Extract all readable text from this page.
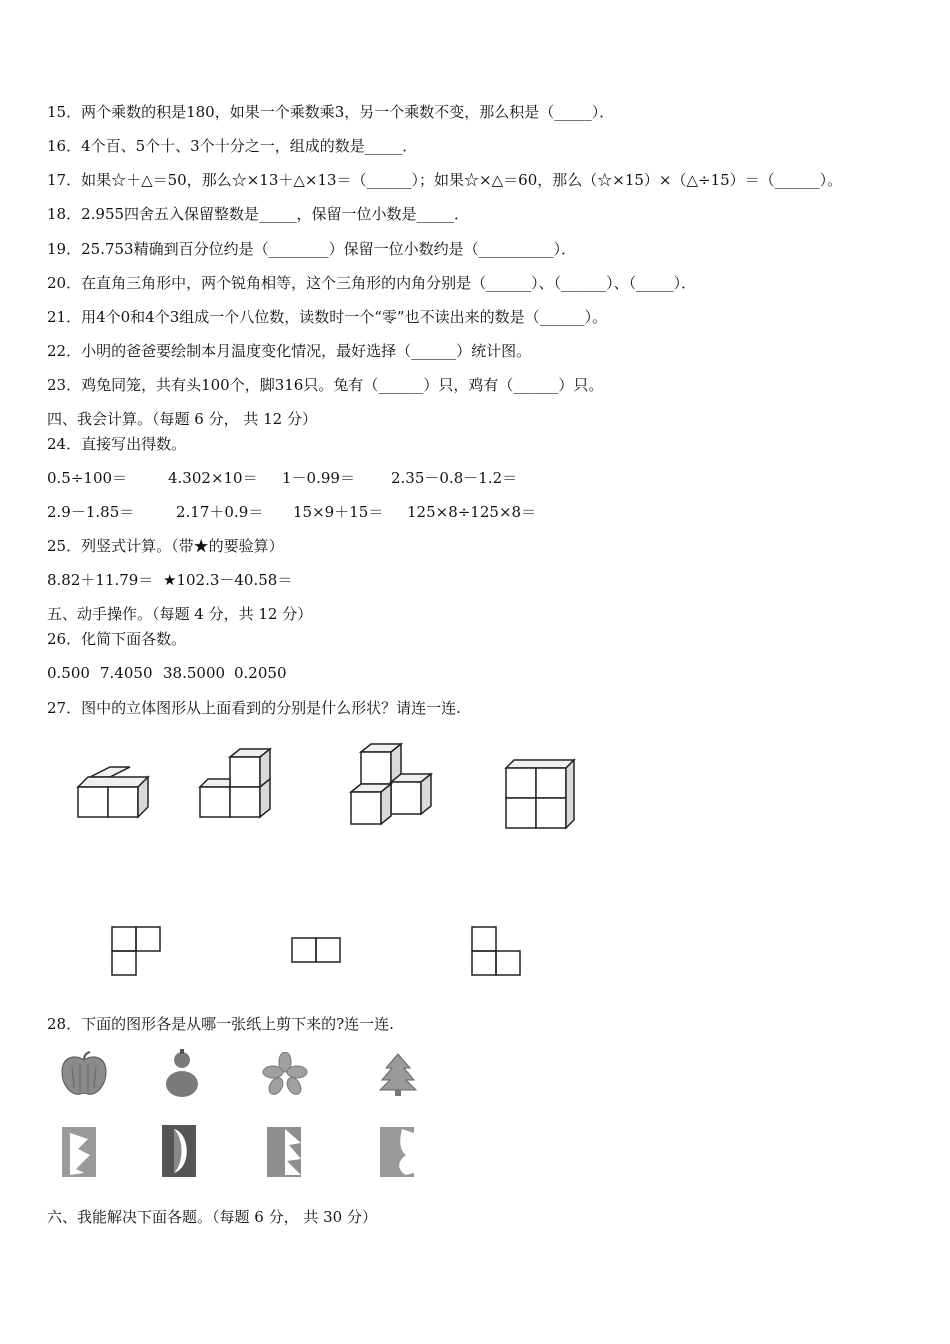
15．两个乘数的积是180，如果一个乘数乘3，另一个乘数不变，那么积是（_____）．
16．4个百、5个十、3个十分之一，组成的数是_____．
17．如果☆＋△＝50，那么☆×13＋△×13＝（______）；如果☆×△＝60，那么（☆×15）×（△÷15）＝（______）。
18．2.955四舍五入保留整数是_____，保留一位小数是_____．
19．25.753精确到百分位约是（________）保留一位小数约是（__________）．
20．在直角三角形中，两个锐角相等，这个三角形的内角分别是（______）、（______）、（_____）．
21．用4个0和4个3组成一个八位数，读数时一个“零”也不读出来的数是（______）。
22．小明的爸爸要绘制本月温度变化情况，最好选择（______）统计图。
23．鸡兔同笼，共有头100个，脚316只。兔有（______）只，鸡有（______）只。
四、我会计算。（每题 6 分， 共 12 分）
24．直接写出得数。
0.5÷100＝	4.302×10＝ 1－0.99＝ 2.35－0.8－1.2＝
2.9－1.85＝	2.17＋0.9＝ 15×9＋15＝ 125×8÷125×8＝
25．列竖式计算。（带★的要验算）
8.82＋11.79＝ ★102.3－40.58＝
五、动手操作。（每题 4 分，共 12 分）
26．化简下面各数。
0.500 7.4050 38.5000 0.2050
27．图中的立体图形从上面看到的分别是什么形状？请连一连.
28．下面的图形各是从哪一张纸上剪下来的?连一连.
六、我能解决下面各题。（每题 6 分， 共 30 分）
